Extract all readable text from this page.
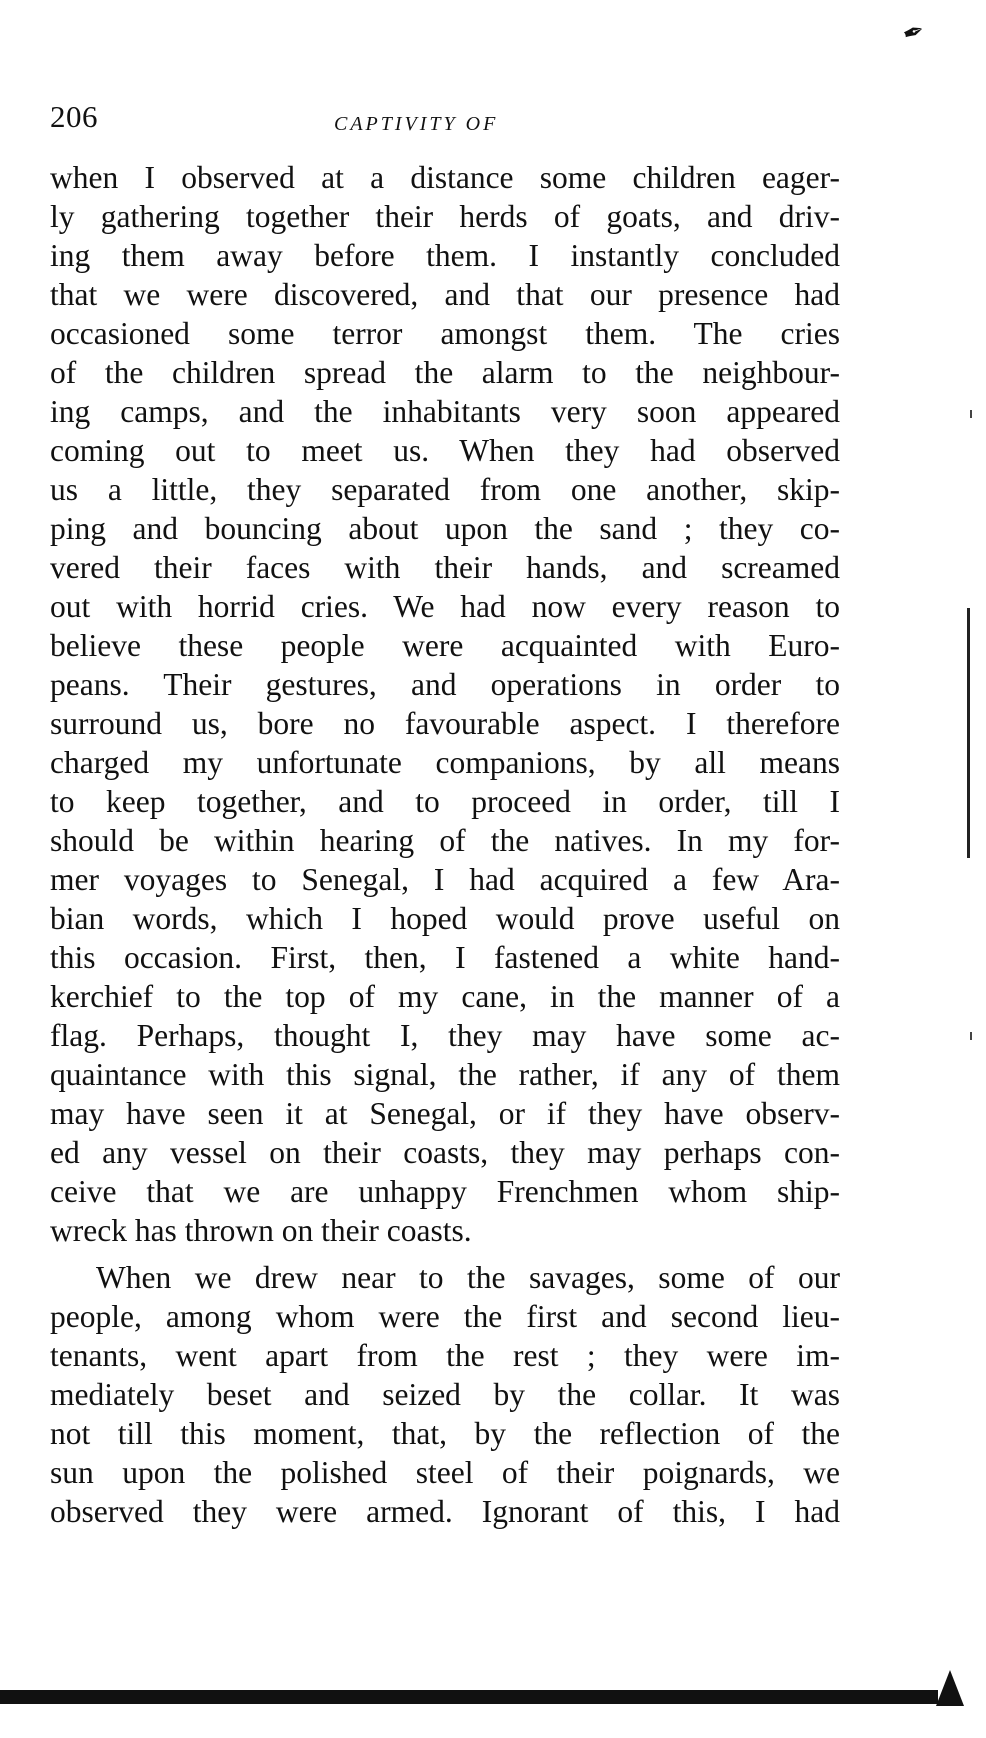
✒
206	CAPTIVITY OF
when I observed at a distance some children eager-
ly gathering together their herds of goats, and driv-
ing them away before them. I instantly concluded
that we were discovered, and that our presence had
occasioned some terror amongst them. The cries
of the children spread the alarm to the neighbour-
ing camps, and the inhabitants very soon appeared
coming out to meet us. When they had observed
us a little, they separated from one another, skip-
ping and bouncing about upon the sand ; they co-
vered their faces with their hands, and screamed
out with horrid cries. We had now every reason to
believe these people were acquainted with Euro-
peans. Their gestures, and operations in order to
surround us, bore no favourable aspect. I therefore
charged my unfortunate companions, by all means
to keep together, and to proceed in order, till I
should be within hearing of the natives. In my for-
mer voyages to Senegal, I had acquired a few Ara-
bian words, which I hoped would prove useful on
this occasion. First, then, I fastened a white hand-
kerchief to the top of my cane, in the manner of a
flag. Perhaps, thought I, they may have some ac-
quaintance with this signal, the rather, if any of them
may have seen it at Senegal, or if they have observ-
ed any vessel on their coasts, they may perhaps con-
ceive that we are unhappy Frenchmen whom ship-
wreck has thrown on their coasts.
When we drew near to the savages, some of our
people, among whom were the first and second lieu-
tenants, went apart from the rest ; they were im-
mediately beset and seized by the collar. It was
not till this moment, that, by the reflection of the
sun upon the polished steel of their poignards, we
observed they were armed. Ignorant of this, I had
